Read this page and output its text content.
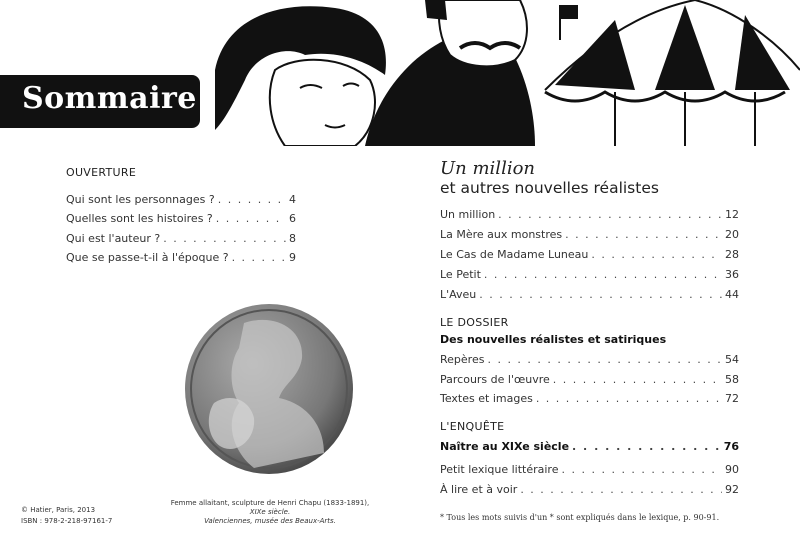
Sommaire
OUVERTURE
Qui sont les personnages ? . . .	4
Quelles sont les histoires ? . . .	6
Qui est l'auteur ? . . .	8
Que se passe-t-il à l'époque ? . . .	9
Femme allaitant, sculpture de Henri Chapu (1833-1891),
XIXe siècle.
Valenciennes, musée des Beaux-Arts.
© Hatier, Paris, 2013
ISBN : 978-2-218-97161-7
Un million
et autres nouvelles réalistes
Un million . . .	12
La Mère aux monstres . . .	20
Le Cas de Madame Luneau . . .	28
Le Petit . . .	36
L'Aveu . . .	44
LE DOSSIER
Des nouvelles réalistes et satiriques
Repères . . .	54
Parcours de l'œuvre . . .	58
Textes et images . . .	72
L'ENQUÊTE
Naître au XIXe siècle . . .	76
Petit lexique littéraire . . .	90
À lire et à voir . . .	92
* Tous les mots suivis d'un * sont expliqués dans le lexique, p. 90-91.
